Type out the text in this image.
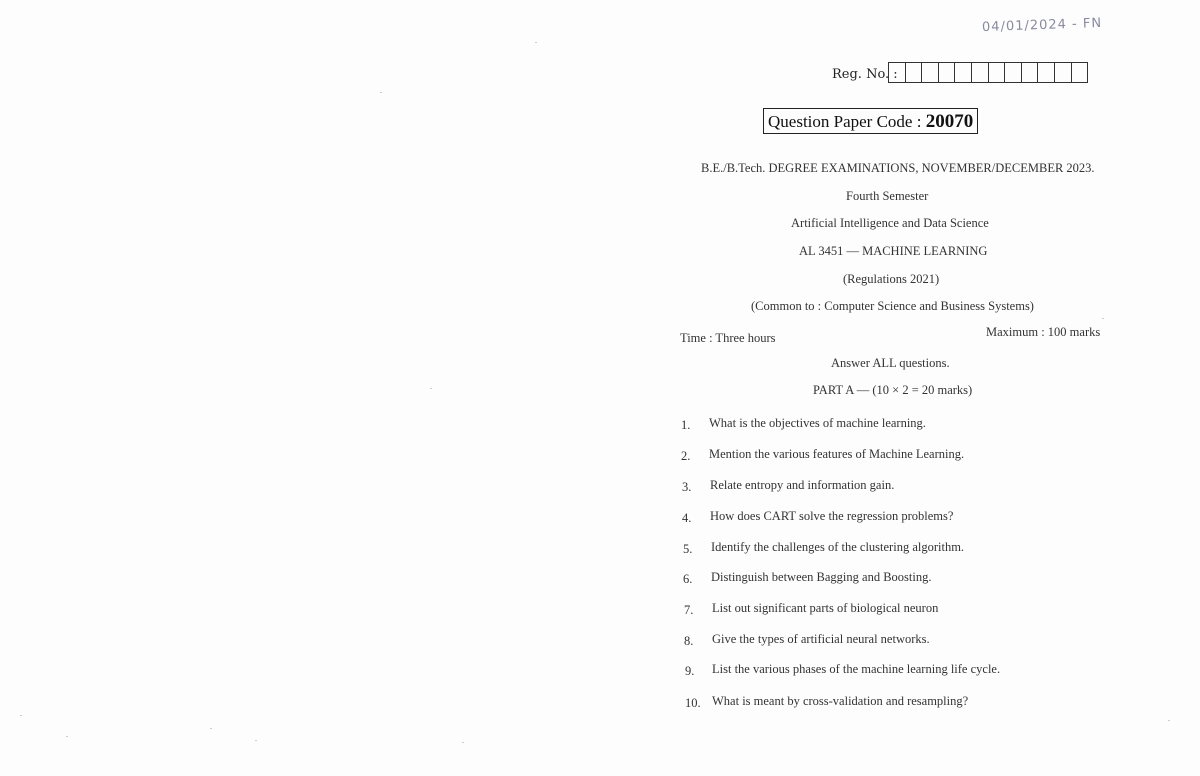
04/01/2024 - FN
Reg. No. :
Question Paper Code : 20070
B.E./B.Tech. DEGREE EXAMINATIONS, NOVEMBER/DECEMBER 2023.
Fourth Semester
Artificial Intelligence and Data Science
AL 3451 — MACHINE LEARNING
(Regulations 2021)
(Common to : Computer Science and Business Systems)
Time : Three hours	Maximum : 100 marks
Answer ALL questions.
PART A — (10 × 2 = 20 marks)
1. What is the objectives of machine learning.
2. Mention the various features of Machine Learning.
3. Relate entropy and information gain.
4. How does CART solve the regression problems?
5. Identify the challenges of the clustering algorithm.
6. Distinguish between Bagging and Boosting.
7. List out significant parts of biological neuron
8. Give the types of artificial neural networks.
9. List the various phases of the machine learning life cycle.
10. What is meant by cross-validation and resampling?
